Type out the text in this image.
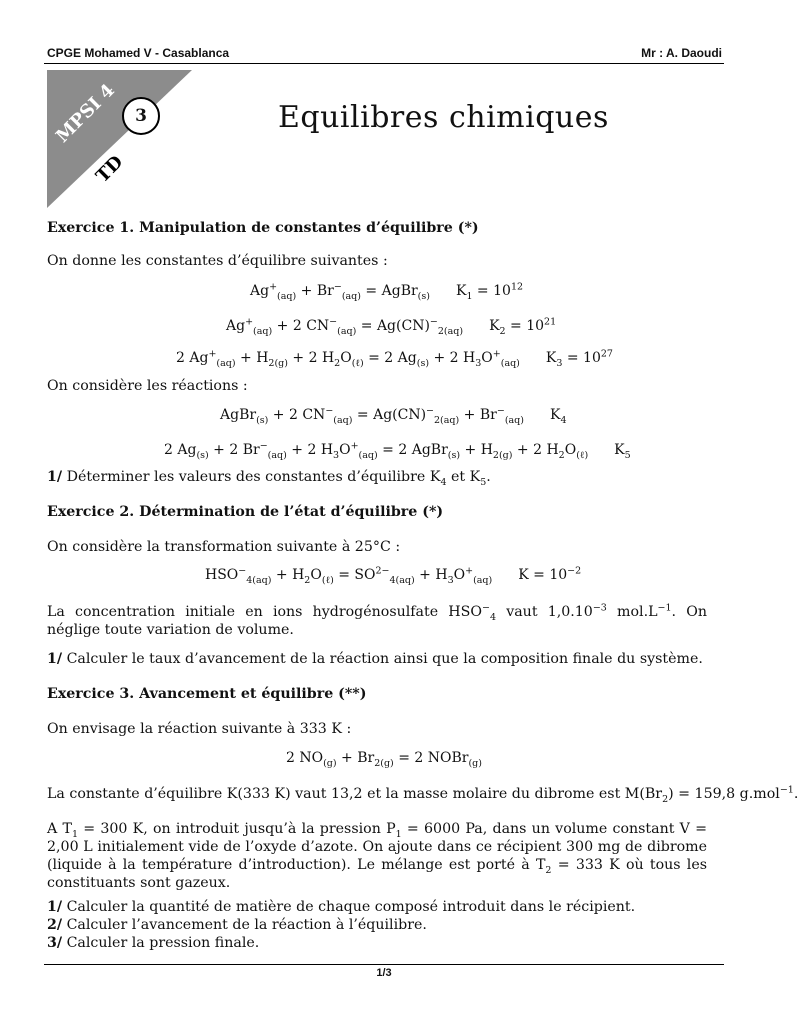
CPGE Mohamed V - Casablanca	Mr : A. Daoudi
MPSI 4
TD
3	Equilibres chimiques
Exercice 1. Manipulation de constantes d’équilibre (*)
On donne les constantes d’équilibre suivantes :
$Ag^+_{(aq)} + Br^-_{(aq)}$ = AgBr$_{(s)}$ $K_1 = 10^{12}$
$Ag^+_{(aq)} + 2$ $CN^-_{(aq)} = Ag(CN)^-_{2(aq)}$ $K_2 = 10^{21}$
2 $Ag^+_{(aq)} + H_{2(g)} + 2$ $H_2O_{(\ell)} = 2$ $Ag_{(s)} + 2$ $H_3O^+_{(aq)}$ $K_3 = 10^{27}$
On considère les réactions :
AgBr$_{(s)}$ + 2 $CN^-_{(aq)} = Ag(CN)^-_{2(aq)} + Br^-_{(aq)}$ $K_4$
2 $Ag_{(s)} + 2$ $Br^-_{(aq)} + 2$ $H_3O^+_{(aq)} = 2$ AgBr$_{(s)}$ + $H_{2(g)} + 2$ $H_2O_{(\ell)}$ $K_5$
1/ Déterminer les valeurs des constantes d’équilibre $K_4$ et $K_5$.
Exercice 2. Détermination de l’état d’équilibre (*)
On considère la transformation suivante à 25°C :
$HSO^-_{4(aq)} + H_2O_{(\ell)} = SO^{2-}_{4(aq)} + H_3O^+_{(aq)}$ $K = 10^{-2}$
La concentration initiale en ions hydrogénosulfate $HSO^-_4$ vaut $1,0.10^{-3}$ $mol.L^{-1}$. On néglige toute variation de volume.
1/ Calculer le taux d’avancement de la réaction ainsi que la composition finale du système.
Exercice 3. Avancement et équilibre (**)
On envisage la réaction suivante à 333 K :
2 $NO_{(g)} + Br_{2(g)} = 2$ NOBr$_{(g)}$
La constante d’équilibre K(333 K) vaut 13,2 et la masse molaire du dibrome est $M(Br_2) = 159,8$ g.mol$^{-1}$.
A $T_1 = 300$ K, on introduit jusqu’à la pression $P_1 = 6000$ Pa, dans un volume constant V = 2,00 L initialement vide de l’oxyde d’azote. On ajoute dans ce récipient 300 mg de dibrome (liquide à la température d’introduction). Le mélange est porté à $T_2 = 333$ K où tous les constituants sont gazeux.
1/ Calculer la quantité de matière de chaque composé introduit dans le récipient.
2/ Calculer l’avancement de la réaction à l’équilibre.
3/ Calculer la pression finale.
1/3
